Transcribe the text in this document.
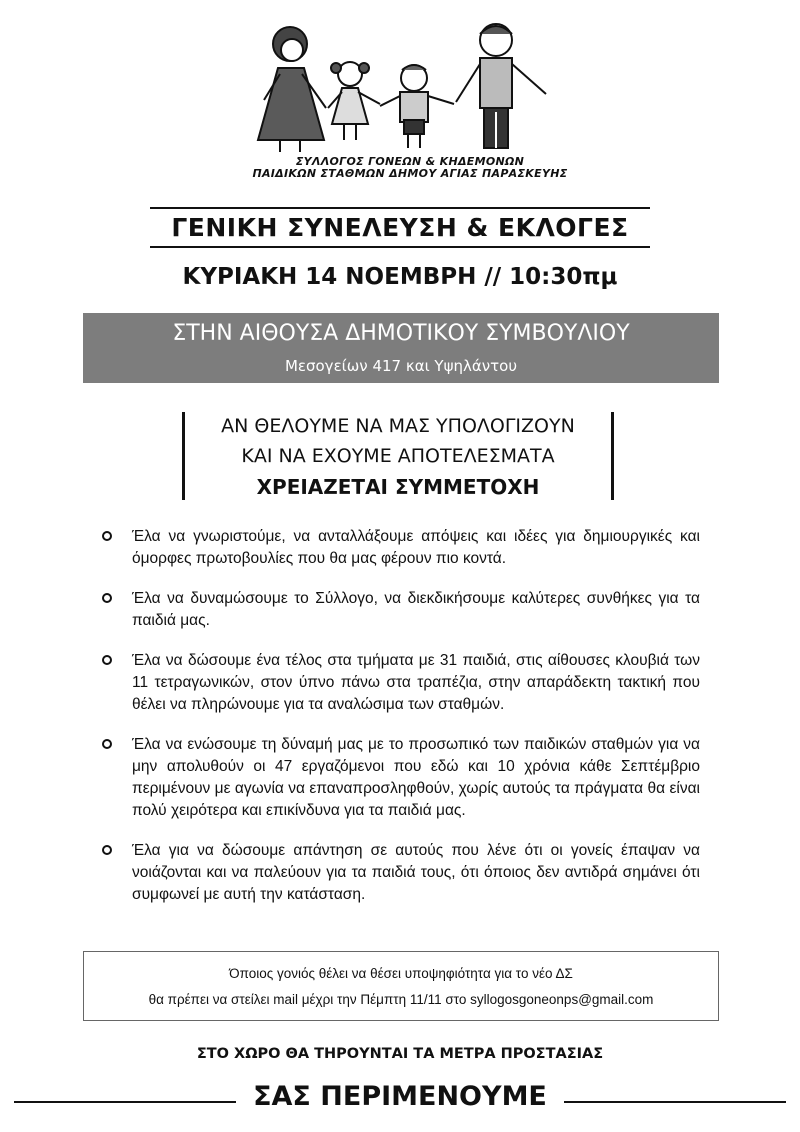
ΣΥΛΛΟΓΟΣ ΓΟΝΕΩΝ & ΚΗΔΕΜΟΝΩΝ
ΠΑΙΔΙΚΩΝ ΣΤΑΘΜΩΝ ΔΗΜΟΥ ΑΓΙΑΣ ΠΑΡΑΣΚΕΥΗΣ
ΓΕΝΙΚΗ ΣΥΝΕΛΕΥΣΗ & ΕΚΛΟΓΕΣ
ΚΥΡΙΑΚΗ 14 ΝΟΕΜΒΡΗ // 10:30πμ
ΣΤΗΝ ΑΙΘΟΥΣΑ ΔΗΜΟΤΙΚΟΥ ΣΥΜΒΟΥΛΙΟΥ
Μεσογείων 417 και Υψηλάντου
ΑΝ ΘΕΛΟΥΜΕ ΝΑ ΜΑΣ ΥΠΟΛΟΓΙΖΟΥΝ
ΚΑΙ ΝΑ ΕΧΟΥΜΕ ΑΠΟΤΕΛΕΣΜΑΤΑ
ΧΡΕΙΑΖΕΤΑΙ ΣΥΜΜΕΤΟΧΗ
Έλα να γνωριστούμε, να ανταλλάξουμε απόψεις και ιδέες για δημιουργικές και όμορφες πρωτοβουλίες που θα μας φέρουν πιο κοντά.
Έλα να δυναμώσουμε το Σύλλογο, να διεκδικήσουμε καλύτερες συνθήκες για τα παιδιά μας.
Έλα να δώσουμε ένα τέλος στα τμήματα με 31 παιδιά, στις αίθουσες κλουβιά των 11 τετραγωνικών, στον ύπνο πάνω στα τραπέζια, στην απαράδεκτη τακτική που θέλει να πληρώνουμε για τα αναλώσιμα των σταθμών.
Έλα να ενώσουμε τη δύναμή μας με το προσωπικό των παιδικών σταθμών για να μην απολυθούν οι 47 εργαζόμενοι που εδώ και 10 χρόνια κάθε Σεπτέμβριο περιμένουν με αγωνία να επαναπροσληφθούν, χωρίς αυτούς τα πράγματα θα είναι πολύ χειρότερα και επικίνδυνα για τα παιδιά μας.
Έλα για να δώσουμε απάντηση σε αυτούς που λένε ότι οι γονείς έπαψαν να νοιάζονται και να παλεύουν για τα παιδιά τους, ότι όποιος δεν αντιδρά σημάνει ότι συμφωνεί με αυτή την κατάσταση.
Όποιος γονιός θέλει να θέσει υποψηφιότητα για το νέο ΔΣ
θα πρέπει να στείλει mail μέχρι την Πέμπτη 11/11 στο syllogosgoneonps@gmail.com
ΣΤΟ ΧΩΡΟ ΘΑ ΤΗΡΟΥΝΤΑΙ ΤΑ ΜΕΤΡΑ ΠΡΟΣΤΑΣΙΑΣ
ΣΑΣ ΠΕΡΙΜΕΝΟΥΜΕ
